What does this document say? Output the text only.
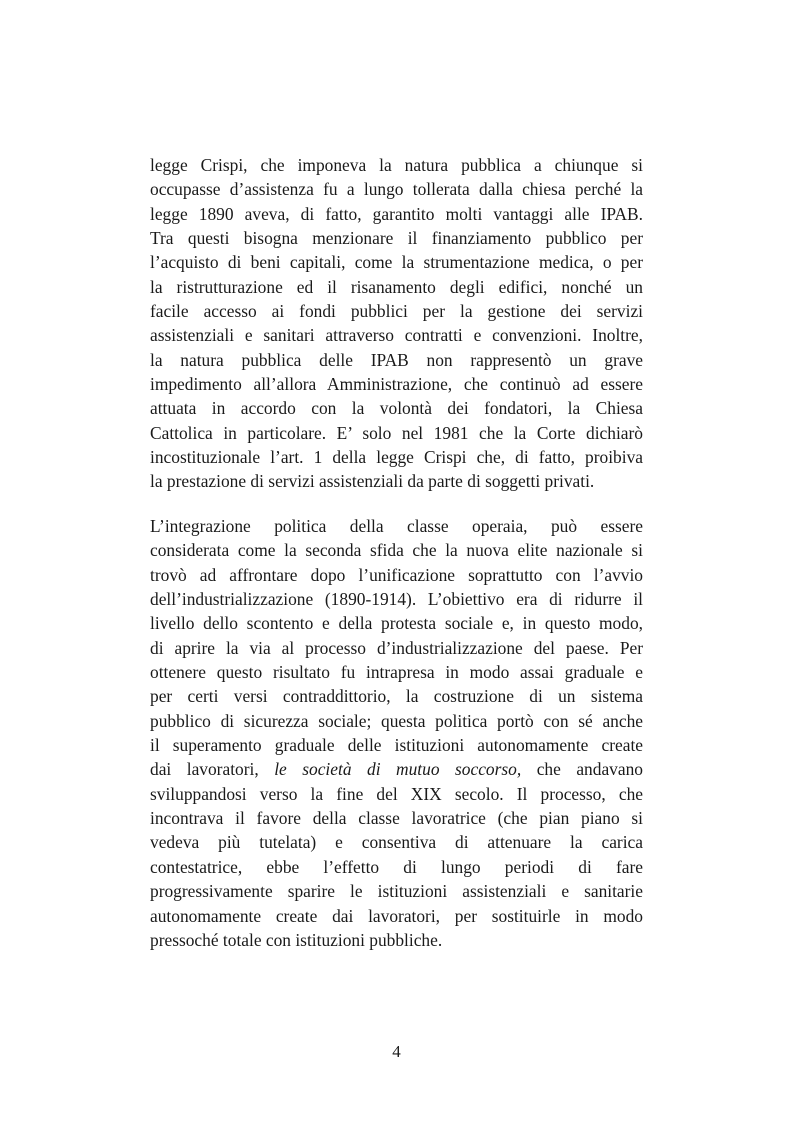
legge Crispi, che imponeva la natura pubblica a chiunque si
occupasse d’assistenza fu a lungo tollerata dalla chiesa perché la
legge 1890 aveva, di fatto, garantito molti vantaggi alle IPAB.
Tra questi bisogna menzionare il finanziamento pubblico per
l’acquisto di beni capitali, come la strumentazione medica, o per
la ristrutturazione ed il risanamento degli edifici, nonché un
facile accesso ai fondi pubblici per la gestione dei servizi
assistenziali e sanitari attraverso contratti e convenzioni. Inoltre,
la natura pubblica delle IPAB non rappresentò un grave
impedimento all’allora Amministrazione, che continuò ad essere
attuata in accordo con la volontà dei fondatori, la Chiesa
Cattolica in particolare. E’ solo nel 1981 che la Corte dichiarò
incostituzionale l’art. 1 della legge Crispi che, di fatto, proibiva
la prestazione di servizi assistenziali da parte di soggetti privati.
L’integrazione politica della classe operaia, può essere
considerata come la seconda sfida che la nuova elite nazionale si
trovò ad affrontare dopo l’unificazione soprattutto con l’avvio
dell’industrializzazione (1890-1914). L’obiettivo era di ridurre il
livello dello scontento e della protesta sociale e, in questo modo,
di aprire la via al processo d’industrializzazione del paese. Per
ottenere questo risultato fu intrapresa in modo assai graduale e
per certi versi contraddittorio, la costruzione di un sistema
pubblico di sicurezza sociale; questa politica portò con sé anche
il superamento graduale delle istituzioni autonomamente create
dai lavoratori, le società di mutuo soccorso, che andavano
sviluppandosi verso la fine del XIX secolo. Il processo, che
incontrava il favore della classe lavoratrice (che pian piano si
vedeva più tutelata) e consentiva di attenuare la carica
contestatrice, ebbe l’effetto di lungo periodi di fare
progressivamente sparire le istituzioni assistenziali e sanitarie
autonomamente create dai lavoratori, per sostituirle in modo
pressoché totale con istituzioni pubbliche.
4
